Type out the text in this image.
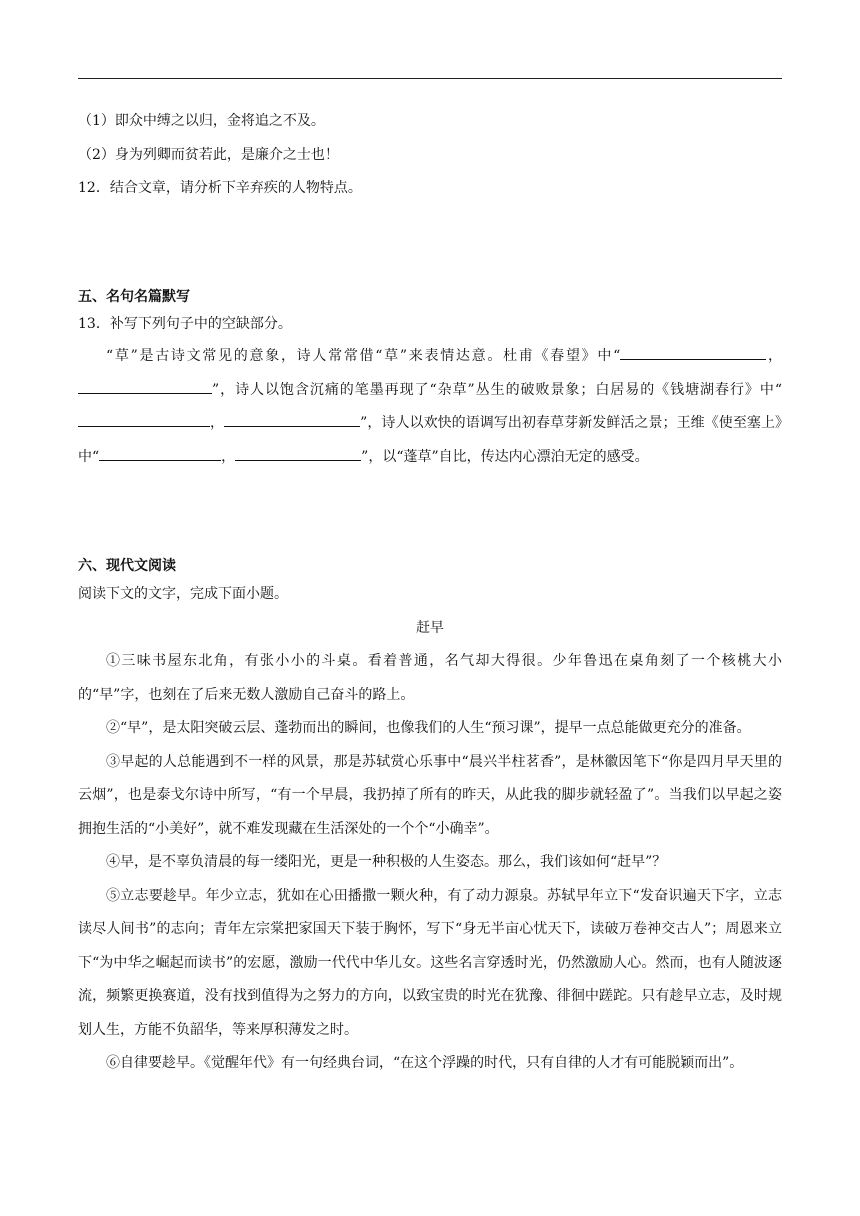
（1）即众中缚之以归，金将追之不及。
（2）身为列卿而贫若此，是廉介之士也！
12．结合文章，请分析下辛弃疾的人物特点。
五、名句名篇默写
13．补写下列句子中的空缺部分。
“草”是古诗文常见的意象，诗人常常借“草”来表情达意。杜甫《春望》中“	，”，诗人以饱含沉痛的笔墨再现了“杂草”丛生的破败景象；白居易的《钱塘湖春行》中“，	”，诗人以欢快的语调写出初春草芽新发鲜活之景；王维《使至塞上》中“	，	”，以“蓬草”自比，传达内心漂泊无定的感受。
六、现代文阅读
阅读下文的文字，完成下面小题。
赶早
①三味书屋东北角，有张小小的斗桌。看着普通，名气却大得很。少年鲁迅在桌角刻了一个核桃大小的“早”字，也刻在了后来无数人激励自己奋斗的路上。
②“早”，是太阳突破云层、蓬勃而出的瞬间，也像我们的人生“预习课”，提早一点总能做更充分的准备。
③早起的人总能遇到不一样的风景，那是苏轼赏心乐事中“晨兴半柱茗香”，是林徽因笔下“你是四月早天里的云烟”，也是泰戈尔诗中所写，“有一个早晨，我扔掉了所有的昨天，从此我的脚步就轻盈了”。当我们以早起之姿拥抱生活的“小美好”，就不难发现藏在生活深处的一个个“小确幸”。
④早，是不辜负清晨的每一缕阳光，更是一种积极的人生姿态。那么，我们该如何“赶早”？
⑤立志要趁早。年少立志，犹如在心田播撒一颗火种，有了动力源泉。苏轼早年立下“发奋识遍天下字，立志读尽人间书”的志向；青年左宗棠把家国天下装于胸怀，写下“身无半亩心忧天下，读破万卷神交古人”；周恩来立下“为中华之崛起而读书”的宏愿，激励一代代中华儿女。这些名言穿透时光，仍然激励人心。然而，也有人随波逐流，频繁更换赛道，没有找到值得为之努力的方向，以致宝贵的时光在犹豫、徘徊中蹉跎。只有趁早立志，及时规划人生，方能不负韶华，等来厚积薄发之时。
⑥自律要趁早。《觉醒年代》有一句经典台词，“在这个浮躁的时代，只有自律的人才有可能脱颖而出”。
